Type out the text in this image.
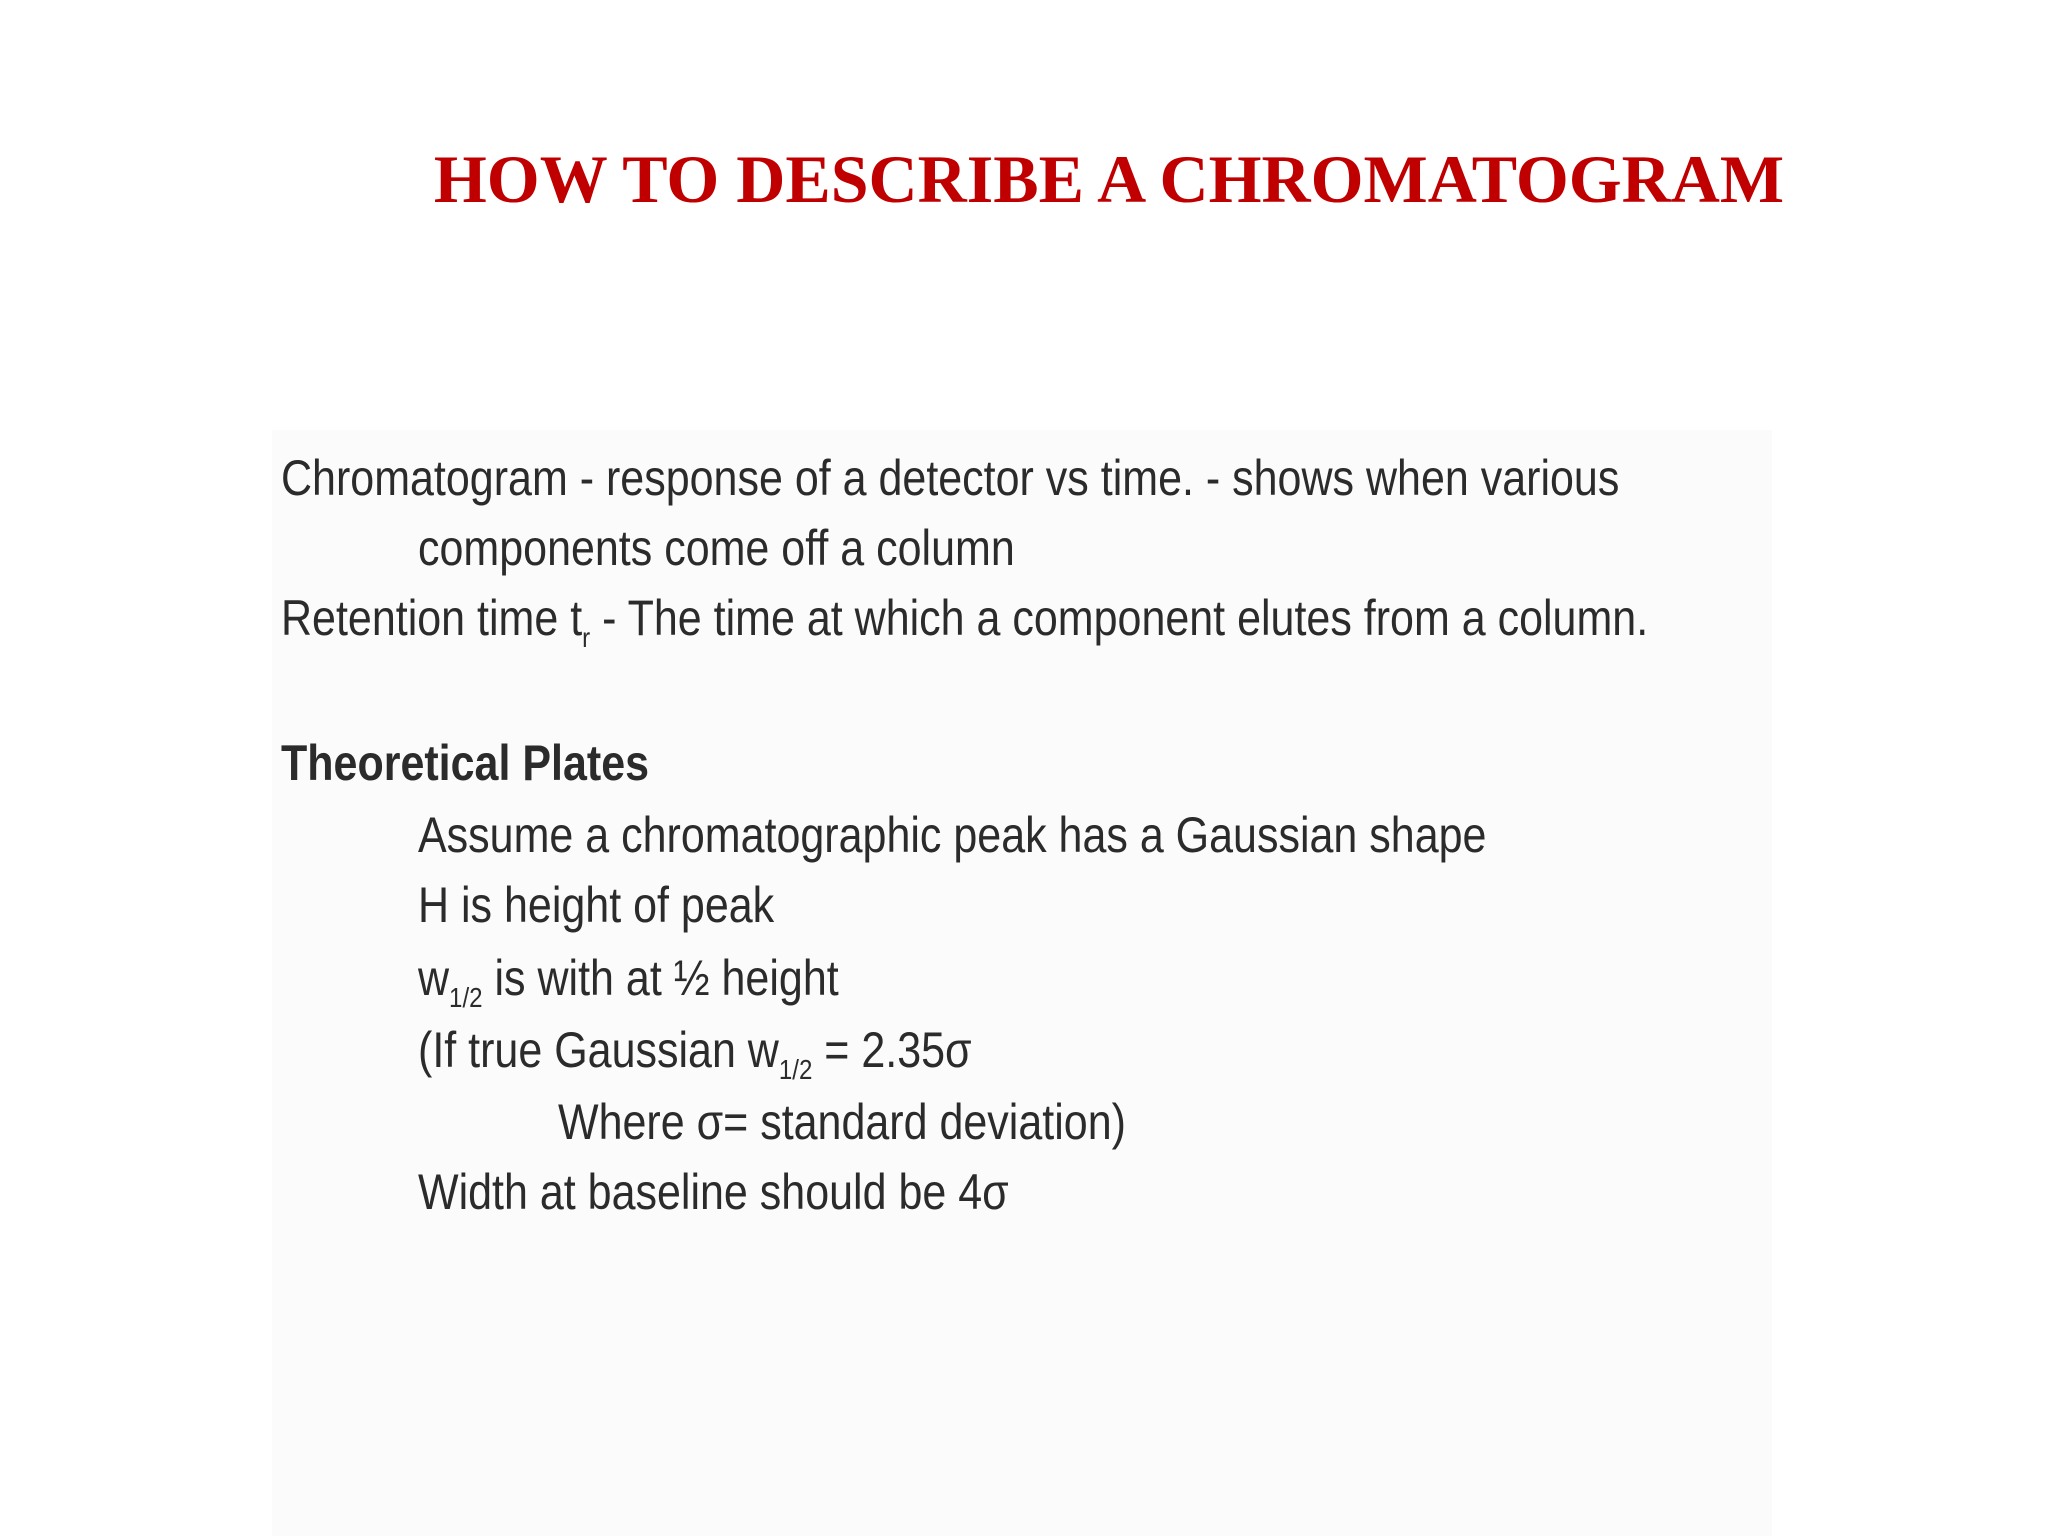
HOW TO DESCRIBE A CHROMATOGRAM
Chromatogram - response of a detector vs time. - shows when various
components come off a column
Retention time $t_r$ - The time at which a component elutes from a column.
Theoretical Plates
Assume a chromatographic peak has a Gaussian shape
H is height of peak
$w_{1/2}$ is with at ½ height
(If true Gaussian $w_{1/2} = 2.35\sigma$
Where σ= standard deviation)
Width at baseline should be 4σ
